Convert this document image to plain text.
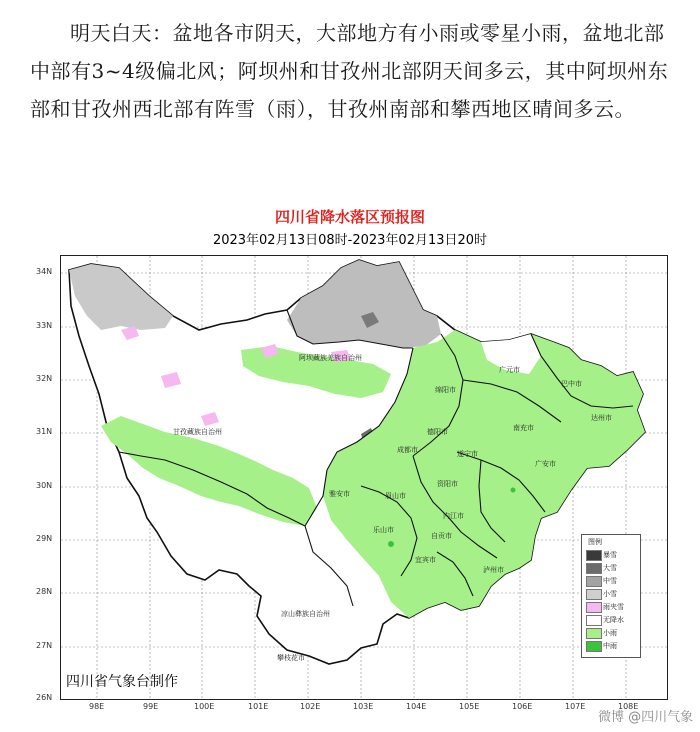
明天白天：盆地各市阴天，大部地方有小雨或零星小雨，盆地北部中部有3~4级偏北风；阿坝州和甘孜州北部阴天间多云，其中阿坝州东部和甘孜州西北部有阵雪（雨），甘孜州南部和攀西地区晴间多云。
四川省降水落区预报图
2023年02月13日08时-2023年02月13日20时
34N
33N
32N
31N
30N
29N
28N
27N
26N
98E	99E	100E	101E	102E	103E	104E	105E	106E	107E	108E
阿坝藏族羌族自治州
甘孜藏族自治州
凉山彝族自治州
广元市
绵阳市
巴中市
德阳市	南充市
达州市
成都市	遂宁市
广安市
雅安市	眉山市
资阳市
乐山市
内江市
自贡市
宜宾市
泸州市
攀枝花市
图例
暴雪
大雪
中雪
小雪
雨夹雪
无降水
小雨
中雨
四川省气象台制作
微博 @四川气象
